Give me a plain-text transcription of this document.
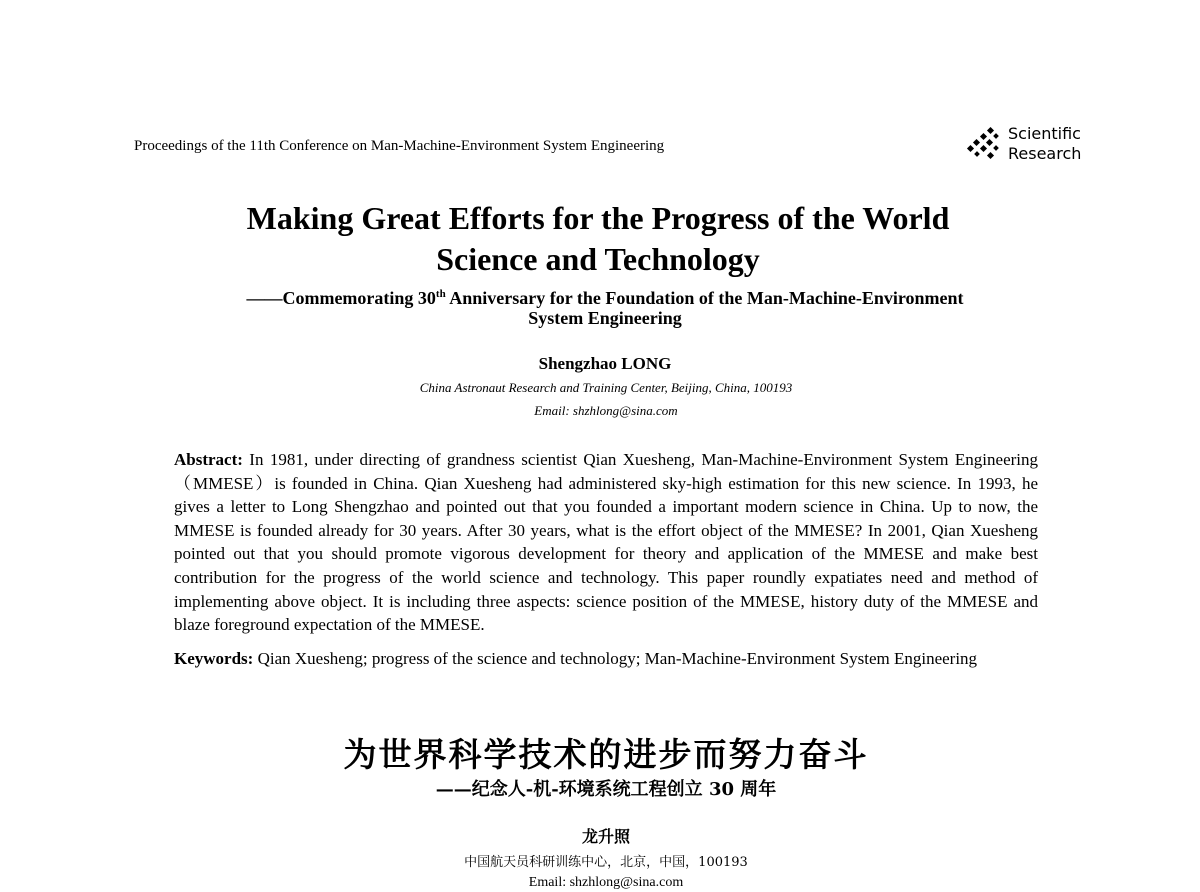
Proceedings of the 11th Conference on Man-Machine-Environment System Engineering
Scientific
Research
Making Great Efforts for the Progress of the World
Science and Technology
——Commemorating 30th Anniversary for the Foundation of the Man-Machine-Environment
System Engineering
Shengzhao LONG
China Astronaut Research and Training Center, Beijing, China, 100193
Email: shzhlong@sina.com
Abstract: In 1981, under directing of grandness scientist Qian Xuesheng, Man-Machine-Environment System Engineering（MMESE）is founded in China. Qian Xuesheng had administered sky-high estimation for this new science. In 1993, he gives a letter to Long Shengzhao and pointed out that you founded a important modern science in China. Up to now, the MMESE is founded already for 30 years. After 30 years, what is the effort object of the MMESE? In 2001, Qian Xuesheng pointed out that you should promote vigorous development for theory and application of the MMESE and make best contribution for the progress of the world science and technology. This paper roundly expatiates need and method of implementing above object. It is including three aspects: science position of the MMESE, history duty of the MMESE and blaze foreground expectation of the MMESE.
Keywords: Qian Xuesheng; progress of the science and technology; Man-Machine-Environment System Engineering
为世界科学技术的进步而努力奋斗
——纪念人-机-环境系统工程创立 30 周年
龙升照
中国航天员科研训练中心，北京，中国，100193
Email: shzhlong@sina.com
